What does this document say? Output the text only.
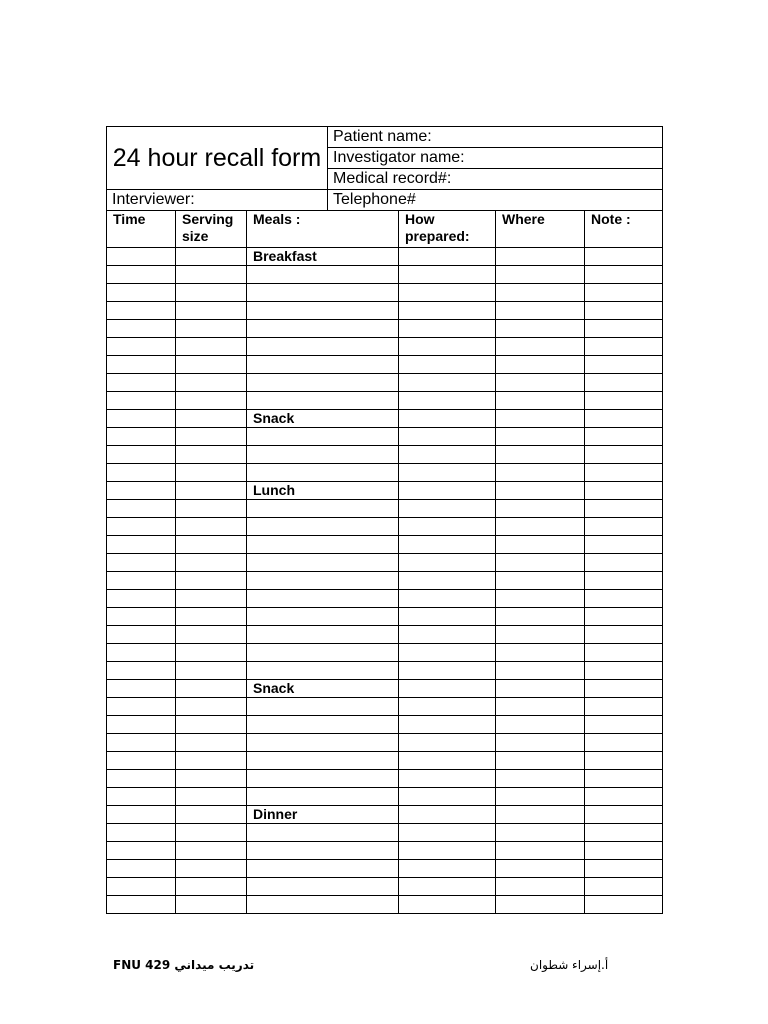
24 hour recall form	Patient name:
	Investigator name:
	Medical record#:
Interviewer:	Telephone#
Time	Serving size	Meals :	How prepared:	Where	Note :
		Breakfast			

		Snack			

		Lunch			

		Snack			

		Dinner			

FNU 429 تدريب ميداني	أ.إسراء شطوان
